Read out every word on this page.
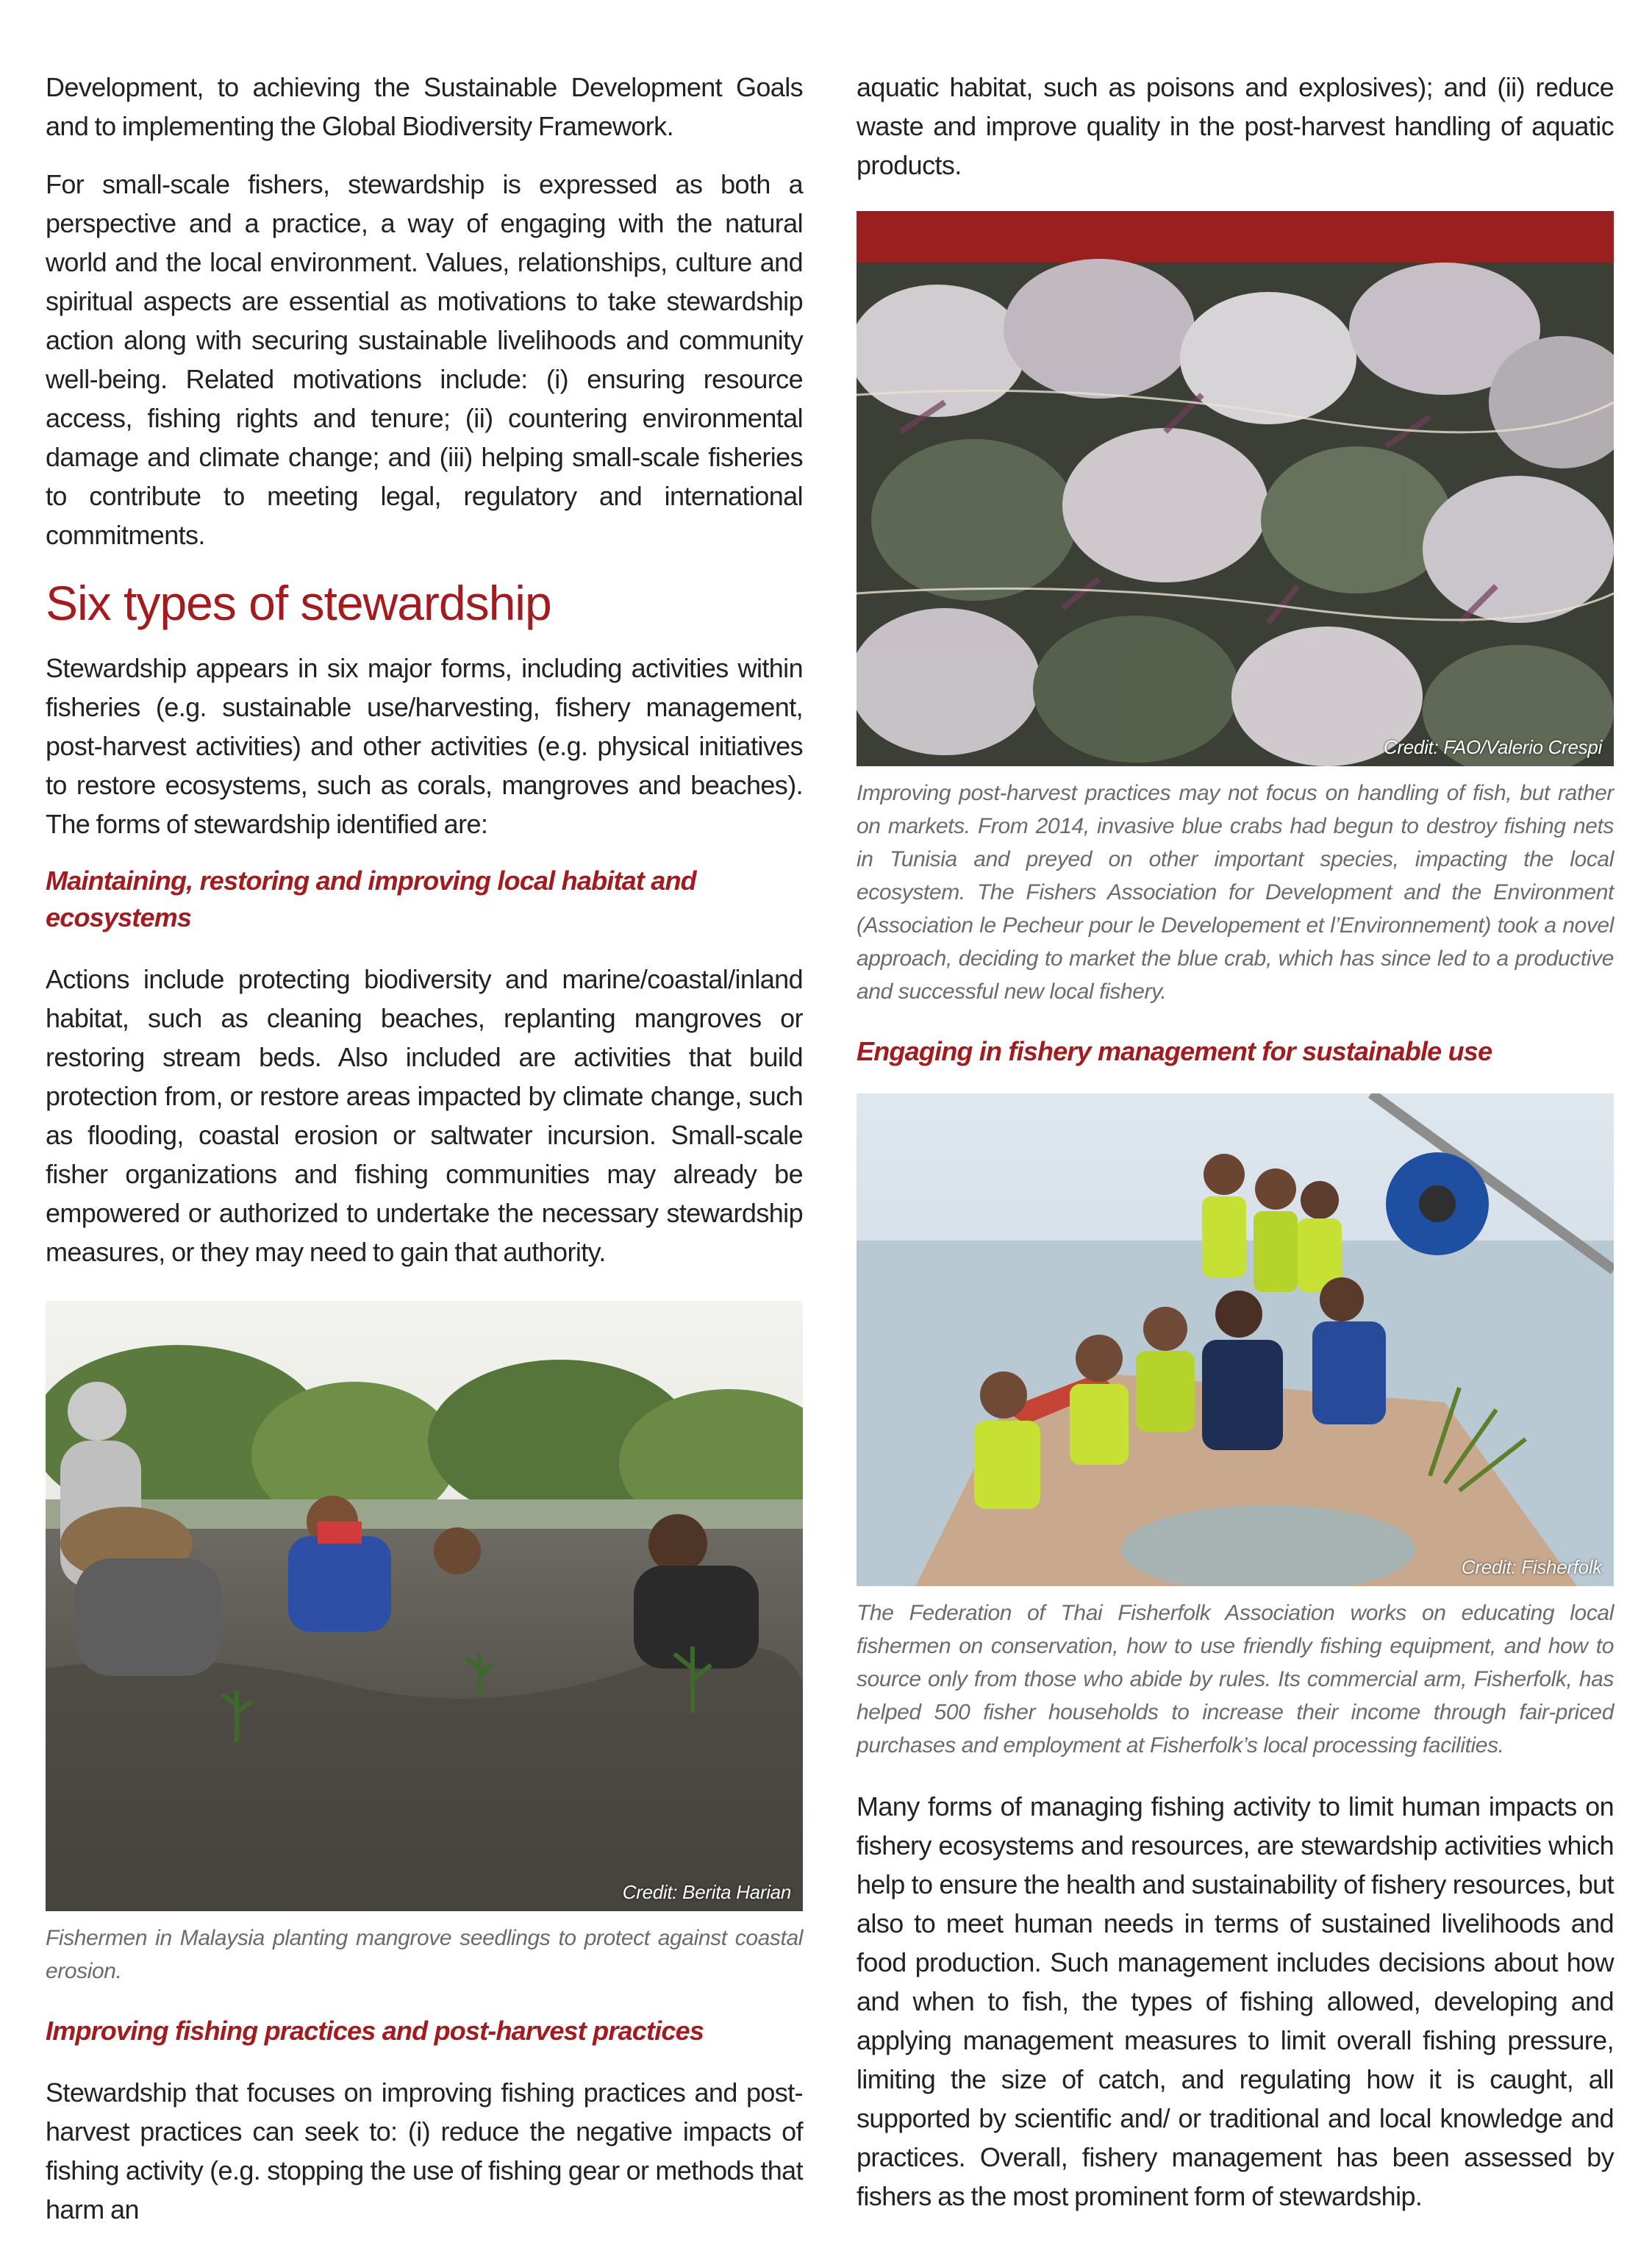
Development, to achieving the Sustainable Development Goals and to implementing the Global Biodiversity Framework.

For small-scale fishers, stewardship is expressed as both a perspective and a practice, a way of engaging with the natural world and the local environment. Values, relationships, culture and spiritual aspects are essential as motivations to take stewardship action along with securing sustainable livelihoods and community well-being. Related motivations include: (i) ensuring resource access, fishing rights and tenure; (ii) countering environmental damage and climate change; and (iii) helping small-scale fisheries to contribute to meeting legal, regulatory and international commitments.

Six types of stewardship

Stewardship appears in six major forms, including activities within fisheries (e.g. sustainable use/harvesting, fishery management, post-harvest activities) and other activities (e.g. physical initiatives to restore ecosystems, such as corals, mangroves and beaches). The forms of stewardship identified are:

Maintaining, restoring and improving local habitat and ecosystems

Actions include protecting biodiversity and marine/coastal/inland habitat, such as cleaning beaches, replanting mangroves or restoring stream beds. Also included are activities that build protection from, or restore areas impacted by climate change, such as flooding, coastal erosion or saltwater incursion. Small-scale fisher organizations and fishing communities may already be empowered or authorized to undertake the necessary stewardship measures, or they may need to gain that authority.

Credit: Berita Harian
Fishermen in Malaysia planting mangrove seedlings to protect against coastal erosion.
Improving fishing practices and post-harvest practices

Stewardship that focuses on improving fishing practices and post-harvest practices can seek to: (i) reduce the negative impacts of fishing activity (e.g. stopping the use of fishing gear or methods that harm an

aquatic habitat, such as poisons and explosives); and (ii) reduce waste and improve quality in the post-harvest handling of aquatic products.

Credit: FAO/Valerio Crespi
Improving post-harvest practices may not focus on handling of fish, but rather on markets. From 2014, invasive blue crabs had begun to destroy fishing nets in Tunisia and preyed on other important species, impacting the local ecosystem. The Fishers Association for Development and the Environment (Association le Pecheur pour le Developement et l’Environnement) took a novel approach, deciding to market the blue crab, which has since led to a productive and successful new local fishery.
Engaging in fishery management for sustainable use
Credit: Fisherfolk
The Federation of Thai Fisherfolk Association works on educating local fishermen on conservation, how to use friendly fishing equipment, and how to source only from those who abide by rules. Its commercial arm, Fisherfolk, has helped 500 fisher households to increase their income through fair-priced purchases and employment at Fisherfolk’s local processing facilities.

Many forms of managing fishing activity to limit human impacts on fishery ecosystems and resources, are stewardship activities which help to ensure the health and sustainability of fishery resources, but also to meet human needs in terms of sustained livelihoods and food production. Such management includes decisions about how and when to fish, the types of fishing allowed, developing and applying management measures to limit overall fishing pressure, limiting the size of catch, and regulating how it is caught, all supported by scientific and/ or traditional and local knowledge and practices. Overall, fishery management has been assessed by fishers as the most prominent form of stewardship.
